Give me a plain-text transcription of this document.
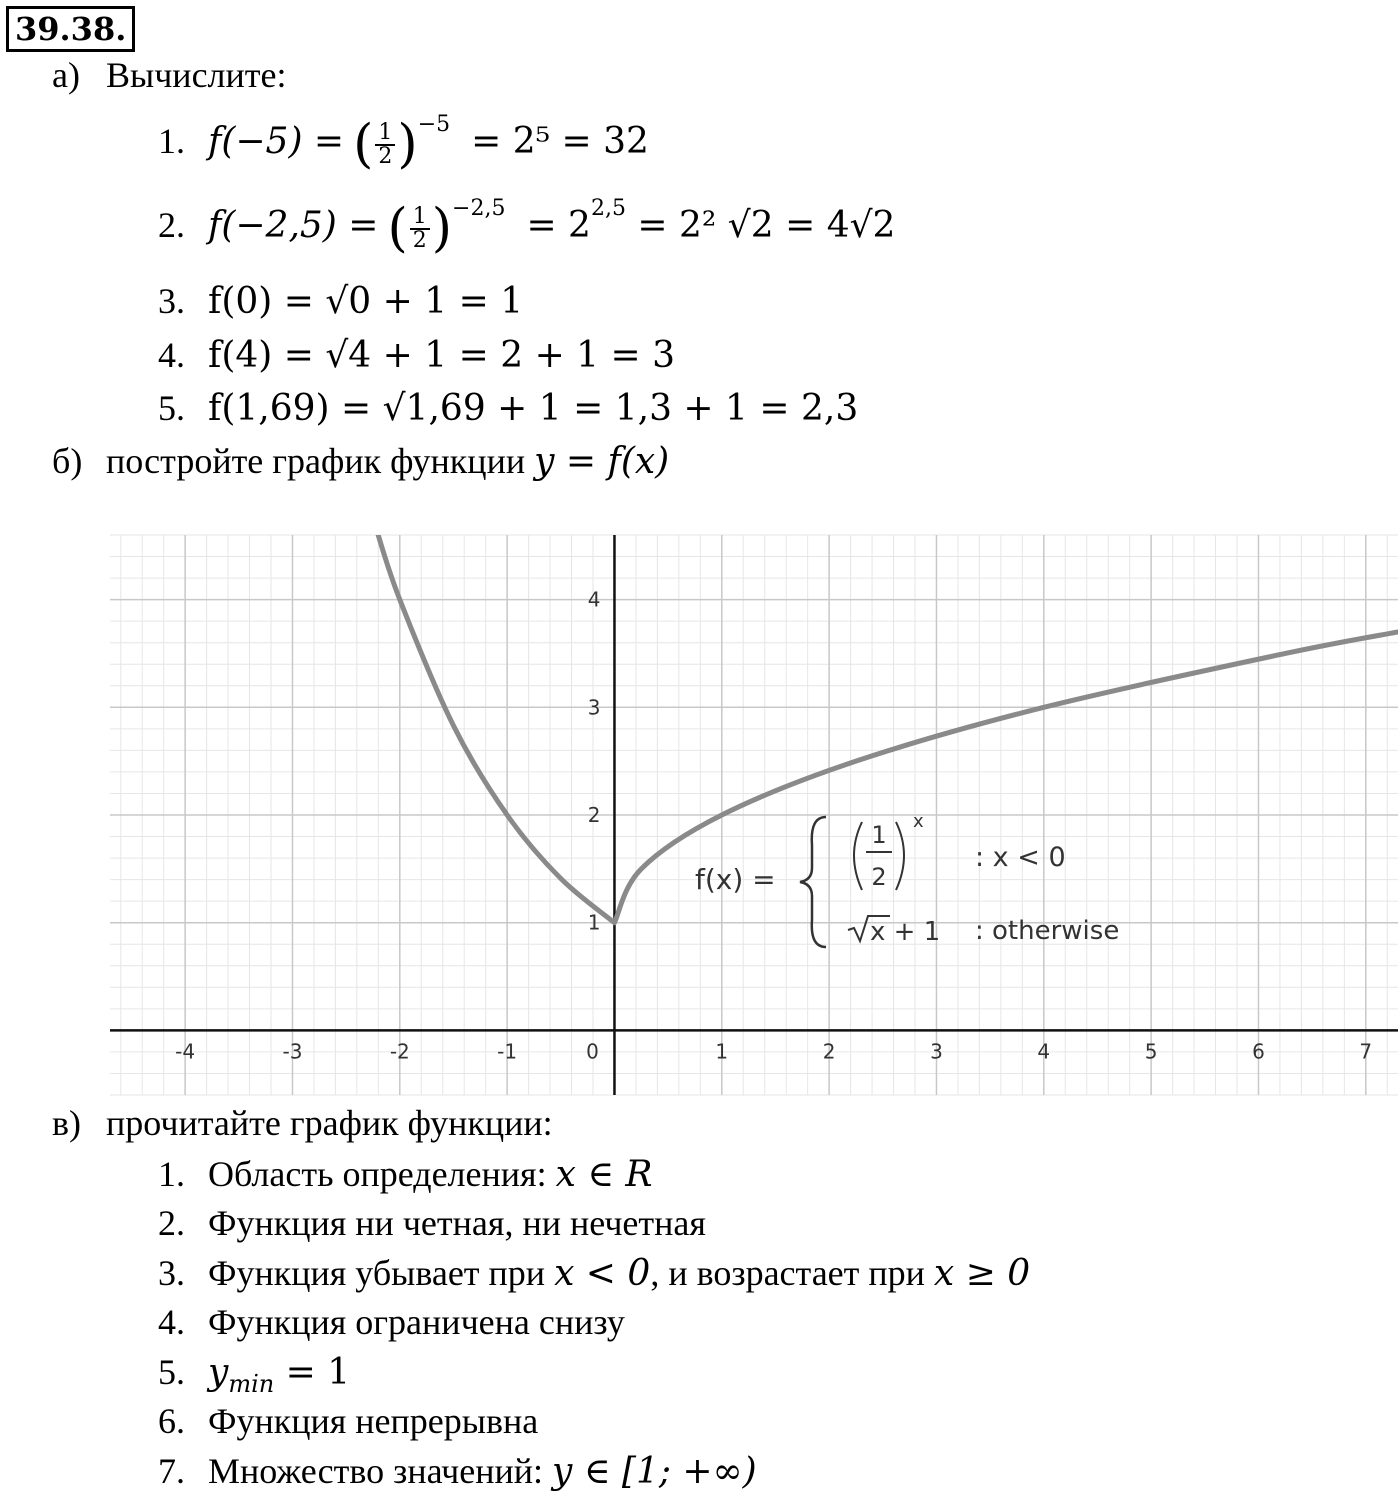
39.38.
а) Вычислите:
1. f(−5) = ( $\frac{1}{2} )^{-5} = 2^5 = 32$
2. f(−2,5) = ( $\frac{1}{2} )^{-2,5} = 2^{2,5} = 2^2$ √2 = 4√2
3. f(0) = √0 + 1 = 1
4. f(4) = √4 + 1 = 2 + 1 = 3
5. f(1,69) = √1,69 + 1 = 1,3 + 1 = 2,3
б) постройте график функции y = f(x)
-4	-3	-2	-1	0	1	2	3	4	5	6	7
1
2
3
4
f(x) =
1
2
x
: x < 0
x + 1 : otherwise
в) прочитайте график функции:
1. Область определения: x ∈ R
2. Функция ни четная, ни нечетная
3. Функция убывает при x < 0, и возрастает при x ≥ 0
4. Функция ограничена снизу
5. $y_{min} = 1$
6. Функция непрерывна
7. Множество значений: y ∈ [1; +∞)
